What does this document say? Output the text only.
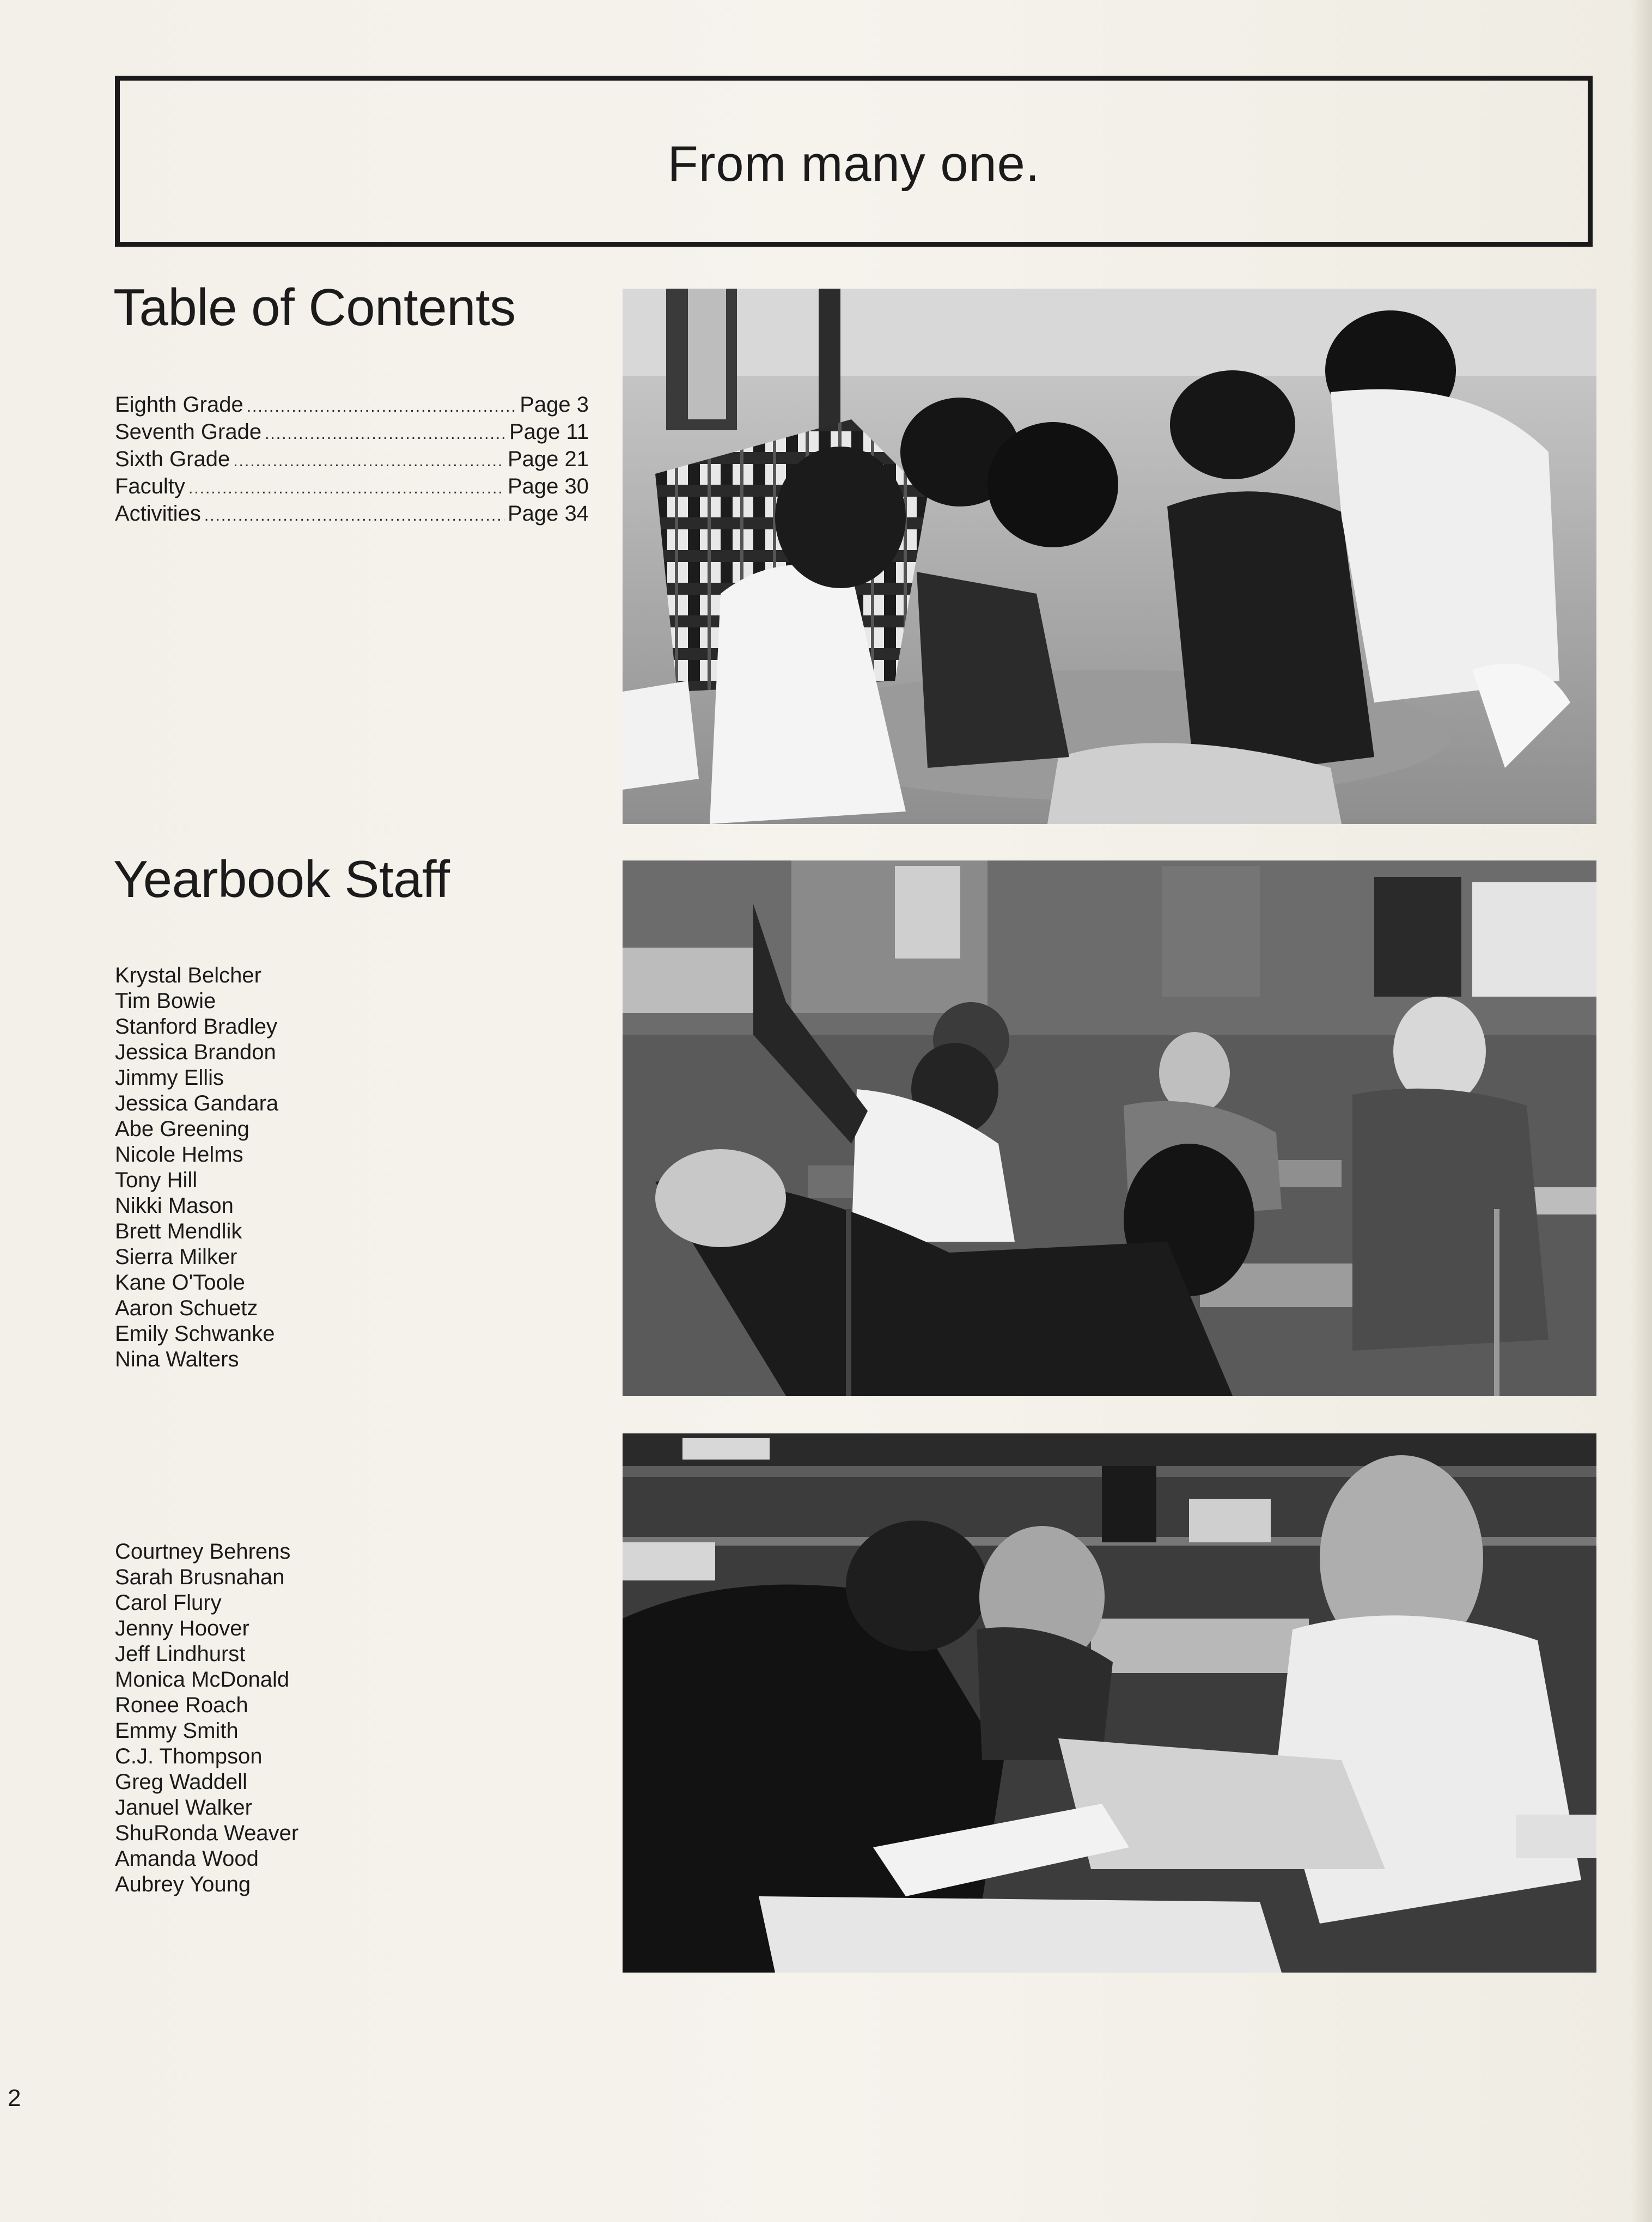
From many one.
Table of Contents
Eighth Grade .....	Page 3
Seventh Grade .....	Page 11
Sixth Grade .....	Page 21
Faculty .....	Page 30
Activities .....	Page 34
Yearbook Staff
Krystal Belcher
Tim Bowie
Stanford Bradley
Jessica Brandon
Jimmy Ellis
Jessica Gandara
Abe Greening
Nicole Helms
Tony Hill
Nikki Mason
Brett Mendlik
Sierra Milker
Kane O'Toole
Aaron Schuetz
Emily Schwanke
Nina Walters
Courtney Behrens
Sarah Brusnahan
Carol Flury
Jenny Hoover
Jeff Lindhurst
Monica McDonald
Ronee Roach
Emmy Smith
C.J. Thompson
Greg Waddell
Januel Walker
ShuRonda Weaver
Amanda Wood
Aubrey Young
2
